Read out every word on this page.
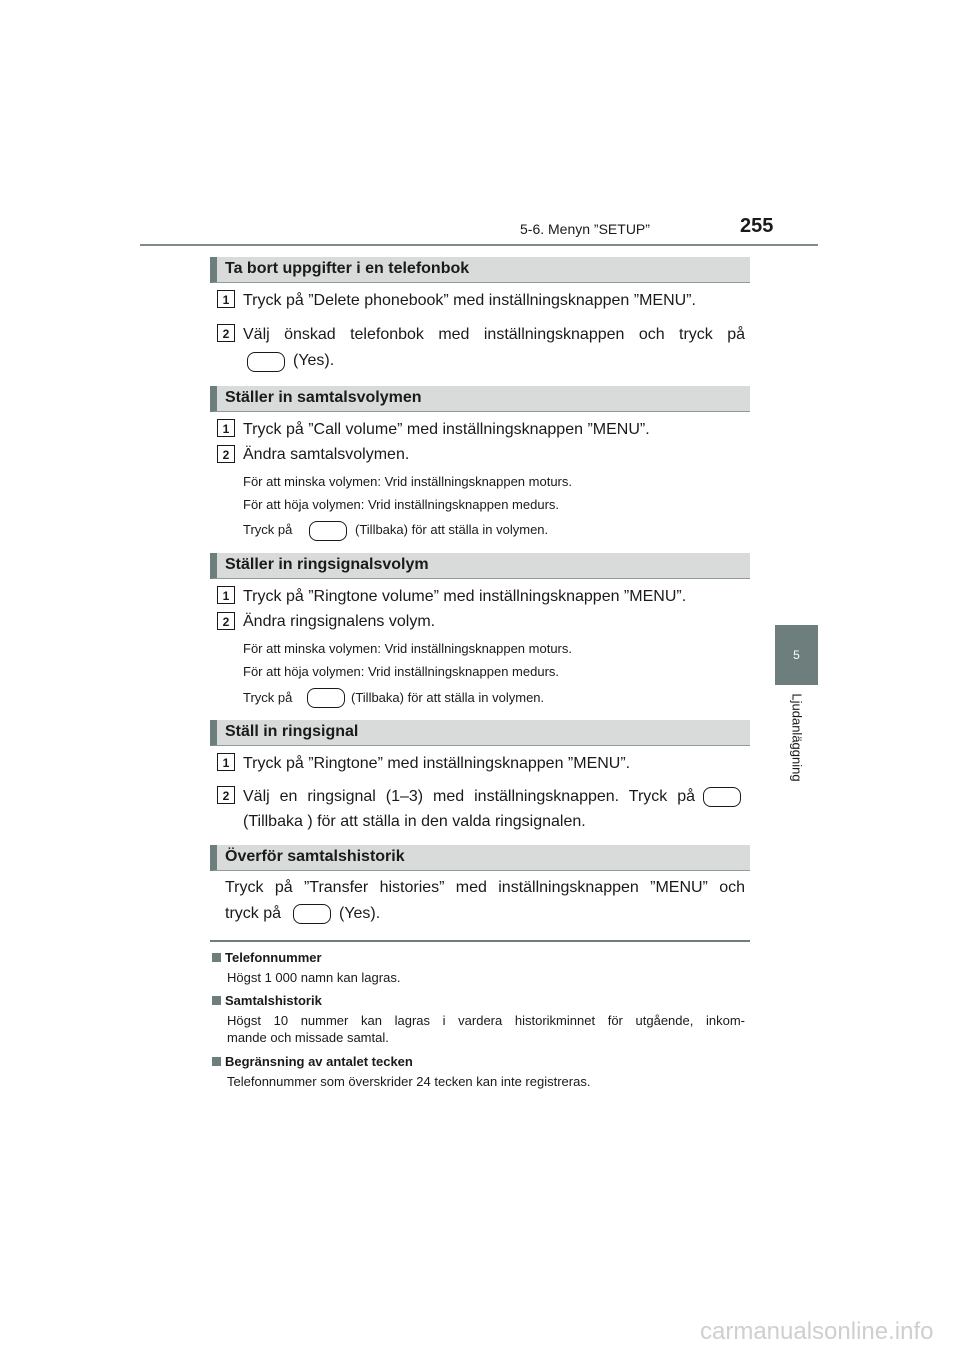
5-6. Menyn ”SETUP”	255
5
Ljudanläggning
Ta bort uppgifter i en telefonbok
1 Tryck på ”Delete phonebook” med inställningsknappen ”MENU”.
2 Välj önskad telefonbok med inställningsknappen och tryck på
(Yes).
Ställer in samtalsvolymen
1 Tryck på ”Call volume” med inställningsknappen ”MENU”.
2 Ändra samtalsvolymen.
För att minska volymen: Vrid inställningsknappen moturs.
För att höja volymen: Vrid inställningsknappen medurs.
Tryck på	(Tillbaka) för att ställa in volymen.
Ställer in ringsignalsvolym
1 Tryck på ”Ringtone volume” med inställningsknappen ”MENU”.
2 Ändra ringsignalens volym.
För att minska volymen: Vrid inställningsknappen moturs.
För att höja volymen: Vrid inställningsknappen medurs.
Tryck på	(Tillbaka) för att ställa in volymen.
Ställ in ringsignal
1 Tryck på ”Ringtone” med inställningsknappen ”MENU”.
2 Välj en ringsignal (1–3) med inställningsknappen. Tryck på
(Tillbaka ) för att ställa in den valda ringsignalen.
Överför samtalshistorik
Tryck på ”Transfer histories” med inställningsknappen ”MENU” och
tryck på	(Yes).
Telefonnummer
Högst 1 000 namn kan lagras.
Samtalshistorik
Högst 10 nummer kan lagras i vardera historikminnet för utgående, inkom-
mande och missade samtal.
Begränsning av antalet tecken
Telefonnummer som överskrider 24 tecken kan inte registreras.
carmanualsonline.info
